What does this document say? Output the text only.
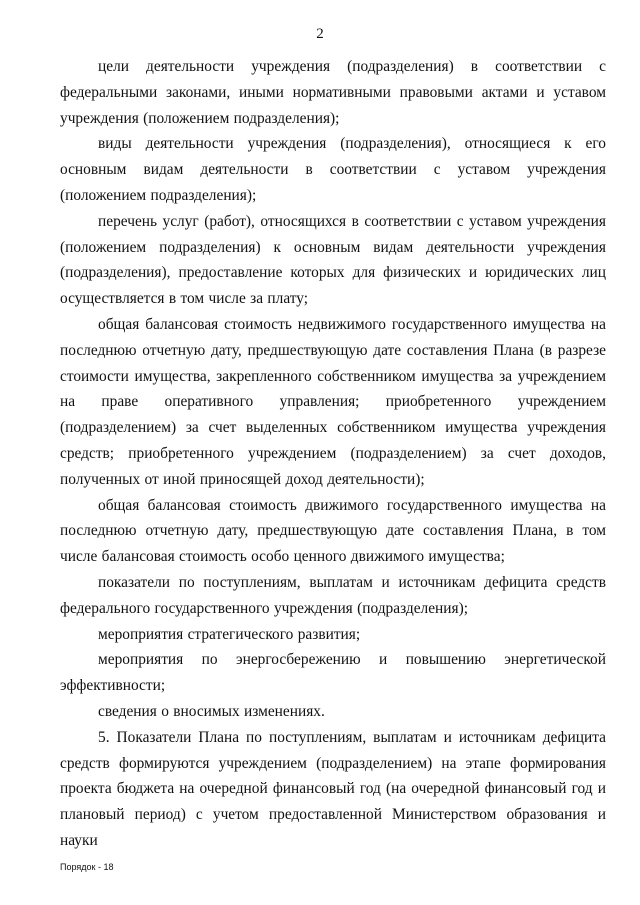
2

цели деятельности учреждения (подразделения) в соответствии с федеральными законами, иными нормативными правовыми актами и уставом учреждения (положением подразделения);

виды деятельности учреждения (подразделения), относящиеся к его основным видам деятельности в соответствии с уставом учреждения (положением подразделения);

перечень услуг (работ), относящихся в соответствии с уставом учреждения (положением подразделения) к основным видам деятельности учреждения (подразделения), предоставление которых для физических и юридических лиц осуществляется в том числе за плату;

общая балансовая стоимость недвижимого государственного имущества на последнюю отчетную дату, предшествующую дате составления Плана (в разрезе стоимости имущества, закрепленного собственником имущества за учреждением на праве оперативного управления; приобретенного учреждением (подразделением) за счет выделенных собственником имущества учреждения средств; приобретенного учреждением (подразделением) за счет доходов, полученных от иной приносящей доход деятельности);

общая балансовая стоимость движимого государственного имущества на последнюю отчетную дату, предшествующую дате составления Плана, в том числе балансовая стоимость особо ценного движимого имущества;

показатели по поступлениям, выплатам и источникам дефицита средств федерального государственного учреждения (подразделения);

мероприятия стратегического развития;

мероприятия по энергосбережению и повышению энергетической эффективности;

сведения о вносимых изменениях.

5. Показатели Плана по поступлениям, выплатам и источникам дефицита средств формируются учреждением (подразделением) на этапе формирования проекта бюджета на очередной финансовый год (на очередной финансовый год и плановый период) с учетом предоставленной Министерством образования и науки

Порядок - 18
